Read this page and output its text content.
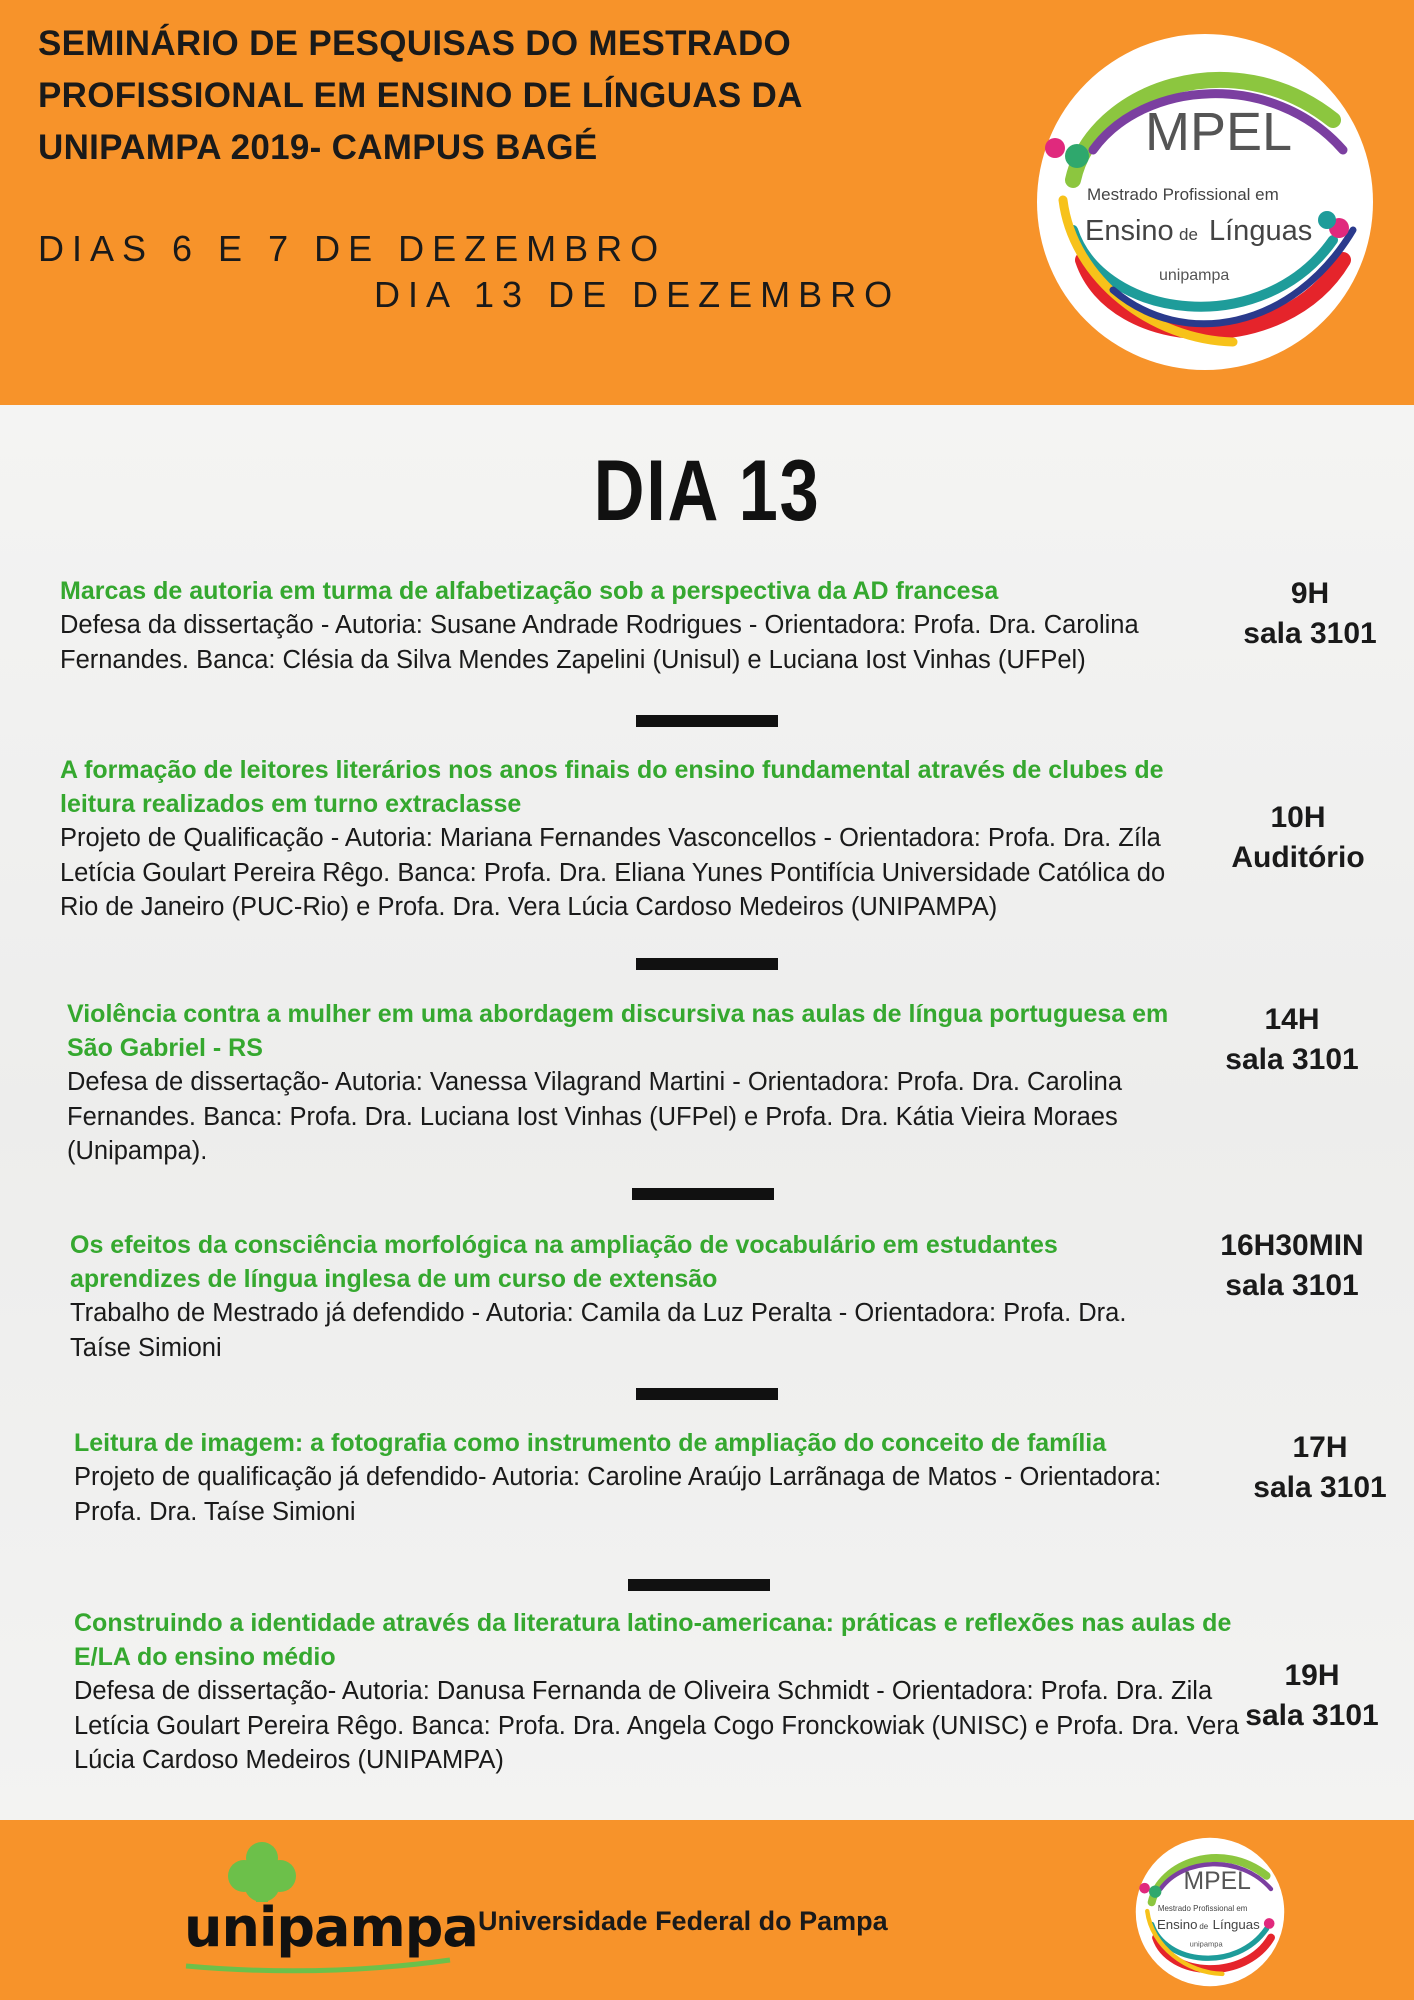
SEMINÁRIO DE PESQUISAS DO MESTRADO
PROFISSIONAL EM ENSINO DE LÍNGUAS DA
UNIPAMPA 2019- CAMPUS BAGÉ
DIAS 6 E 7 DE DEZEMBRO
DIA 13 DE DEZEMBRO
MPEL
Mestrado Profissional em
Ensino de Línguas
unipampa
DIA 13
Marcas de autoria em turma de alfabetização sob a perspectiva da AD francesa
Defesa da dissertação - Autoria: Susane Andrade Rodrigues - Orientadora: Profa. Dra. Carolina Fernandes. Banca: Clésia da Silva Mendes Zapelini (Unisul) e Luciana Iost Vinhas (UFPel)
9H
sala 3101
A formação de leitores literários nos anos finais do ensino fundamental através de clubes de leitura realizados em turno extraclasse
Projeto de Qualificação - Autoria: Mariana Fernandes Vasconcellos - Orientadora: Profa. Dra. Zíla Letícia Goulart Pereira Rêgo. Banca: Profa. Dra. Eliana Yunes Pontifícia Universidade Católica do Rio de Janeiro (PUC-Rio) e Profa. Dra. Vera Lúcia Cardoso Medeiros (UNIPAMPA)
10H
Auditório
Violência contra a mulher em uma abordagem discursiva nas aulas de língua portuguesa em São Gabriel - RS
Defesa de dissertação- Autoria: Vanessa Vilagrand Martini - Orientadora: Profa. Dra. Carolina Fernandes. Banca: Profa. Dra. Luciana Iost Vinhas (UFPel) e Profa. Dra. Kátia Vieira Moraes (Unipampa).
14H
sala 3101
Os efeitos da consciência morfológica na ampliação de vocabulário em estudantes aprendizes de língua inglesa de um curso de extensão
Trabalho de Mestrado já defendido - Autoria: Camila da Luz Peralta - Orientadora: Profa. Dra. Taíse Simioni
16H30MIN
sala 3101
Leitura de imagem: a fotografia como instrumento de ampliação do conceito de família
Projeto de qualificação já defendido- Autoria: Caroline Araújo Larrãnaga de Matos - Orientadora: Profa. Dra. Taíse Simioni
17H
sala 3101
Construindo a identidade através da literatura latino-americana: práticas e reflexões nas aulas de E/LA do ensino médio
Defesa de dissertação- Autoria: Danusa Fernanda de Oliveira Schmidt - Orientadora: Profa. Dra. Zila Letícia Goulart Pereira Rêgo. Banca: Profa. Dra. Angela Cogo Fronckowiak (UNISC) e Profa. Dra. Vera Lúcia Cardoso Medeiros (UNIPAMPA)
19H
sala 3101
unipampa Universidade Federal do Pampa
MPEL
Mestrado Profissional em
Ensino de Línguas
unipampa
